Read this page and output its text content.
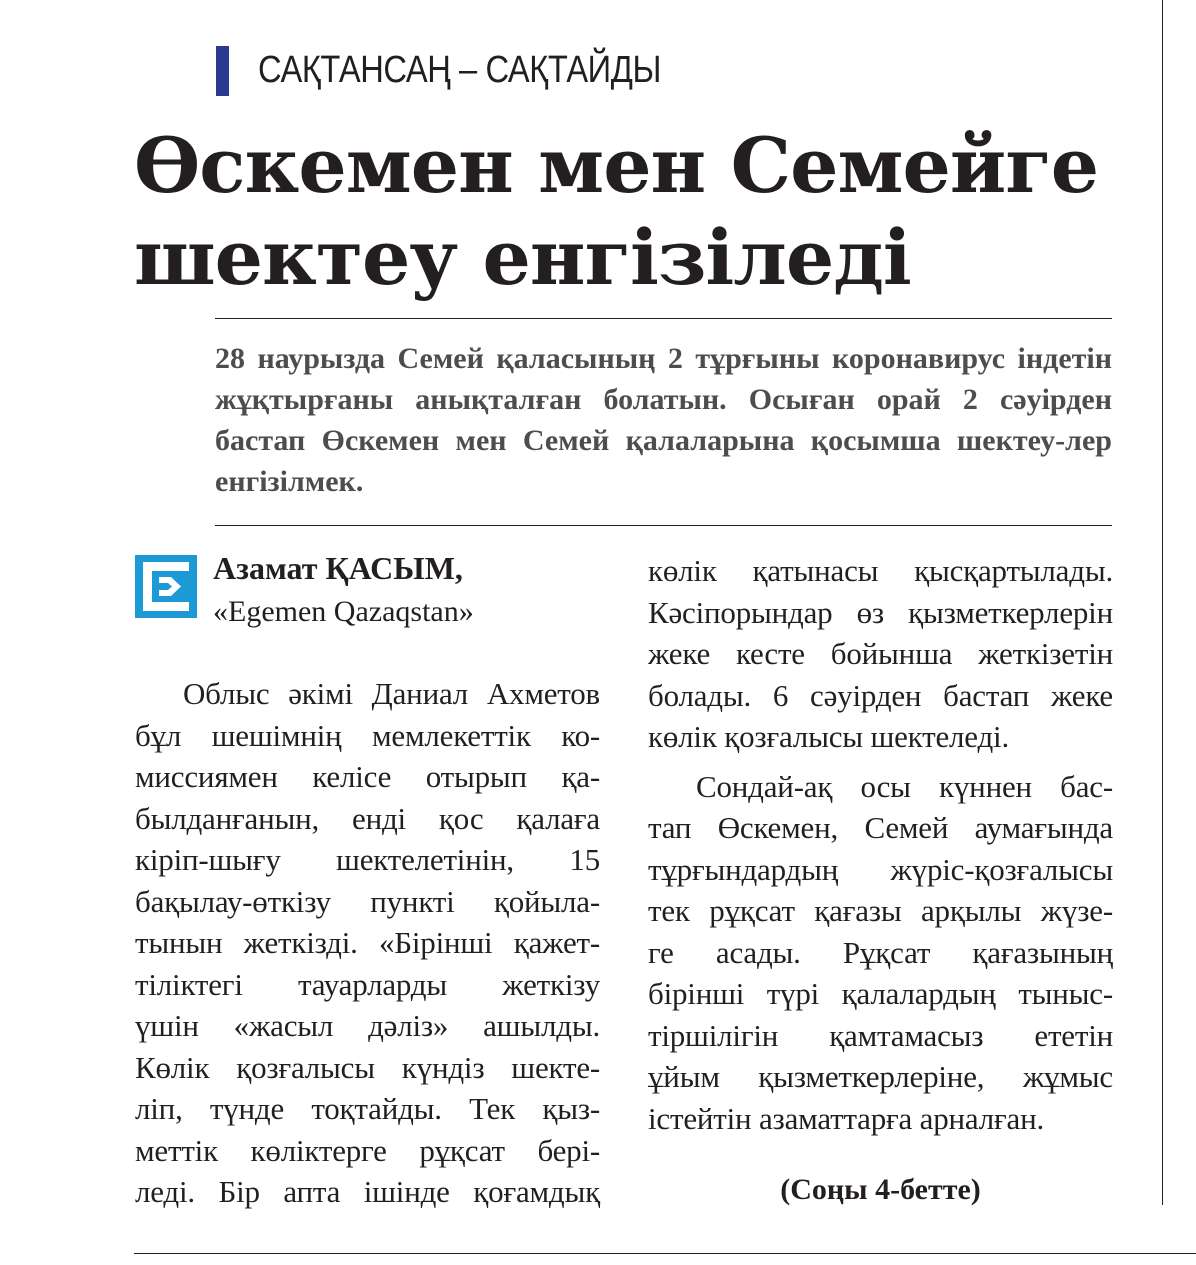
САҚТАНСАҢ – САҚТАЙДЫ
Өскемен мен Семейге
шектеу енгізіледі

28 наурызда Семей қаласының 2 тұрғыны коронавирус індетін жұқтырғаны анықталған болатын. Осыған орай 2 сәуірден бастап Өскемен мен Семей қалаларына қосымша шектеу-лер енгізілмек.

Азамат ҚАСЫМ,
«Egemen Qazaqstan»
Облыс әкімі Даниал Ахметов
бұл шешімнің мемлекеттік ко-
миссиямен келісе отырып қа-
былданғанын, енді қос қалаға
кіріп-шығу шектелетінін, 15
бақылау-өткізу пункті қойыла-
тынын жеткізді. «Бірінші қажет-
тіліктегі тауарларды жеткізу
үшін «жасыл дәліз» ашылды.
Көлік қозғалысы күндіз шекте-
ліп, түнде тоқтайды. Тек қыз-
меттік көліктерге рұқсат бері-
леді. Бір апта ішінде қоғамдық
көлік қатынасы қысқартылады.
Кәсіпорындар өз қызметкерлерін
жеке кесте бойынша жеткізетін
болады. 6 сәуірден бастап жеке
көлік қозғалысы шектеледі.
Сондай-ақ осы күннен бас-
тап Өскемен, Семей аумағында
тұрғындардың жүріс-қозғалысы
тек рұқсат қағазы арқылы жүзе-
ге асады. Рұқсат қағазының
бірінші түрі қалалардың тыныс-
тіршілігін қамтамасыз ететін
ұйым қызметкерлеріне, жұмыс
істейтін азаматтарға арналған.
(Соңы 4-бетте)
